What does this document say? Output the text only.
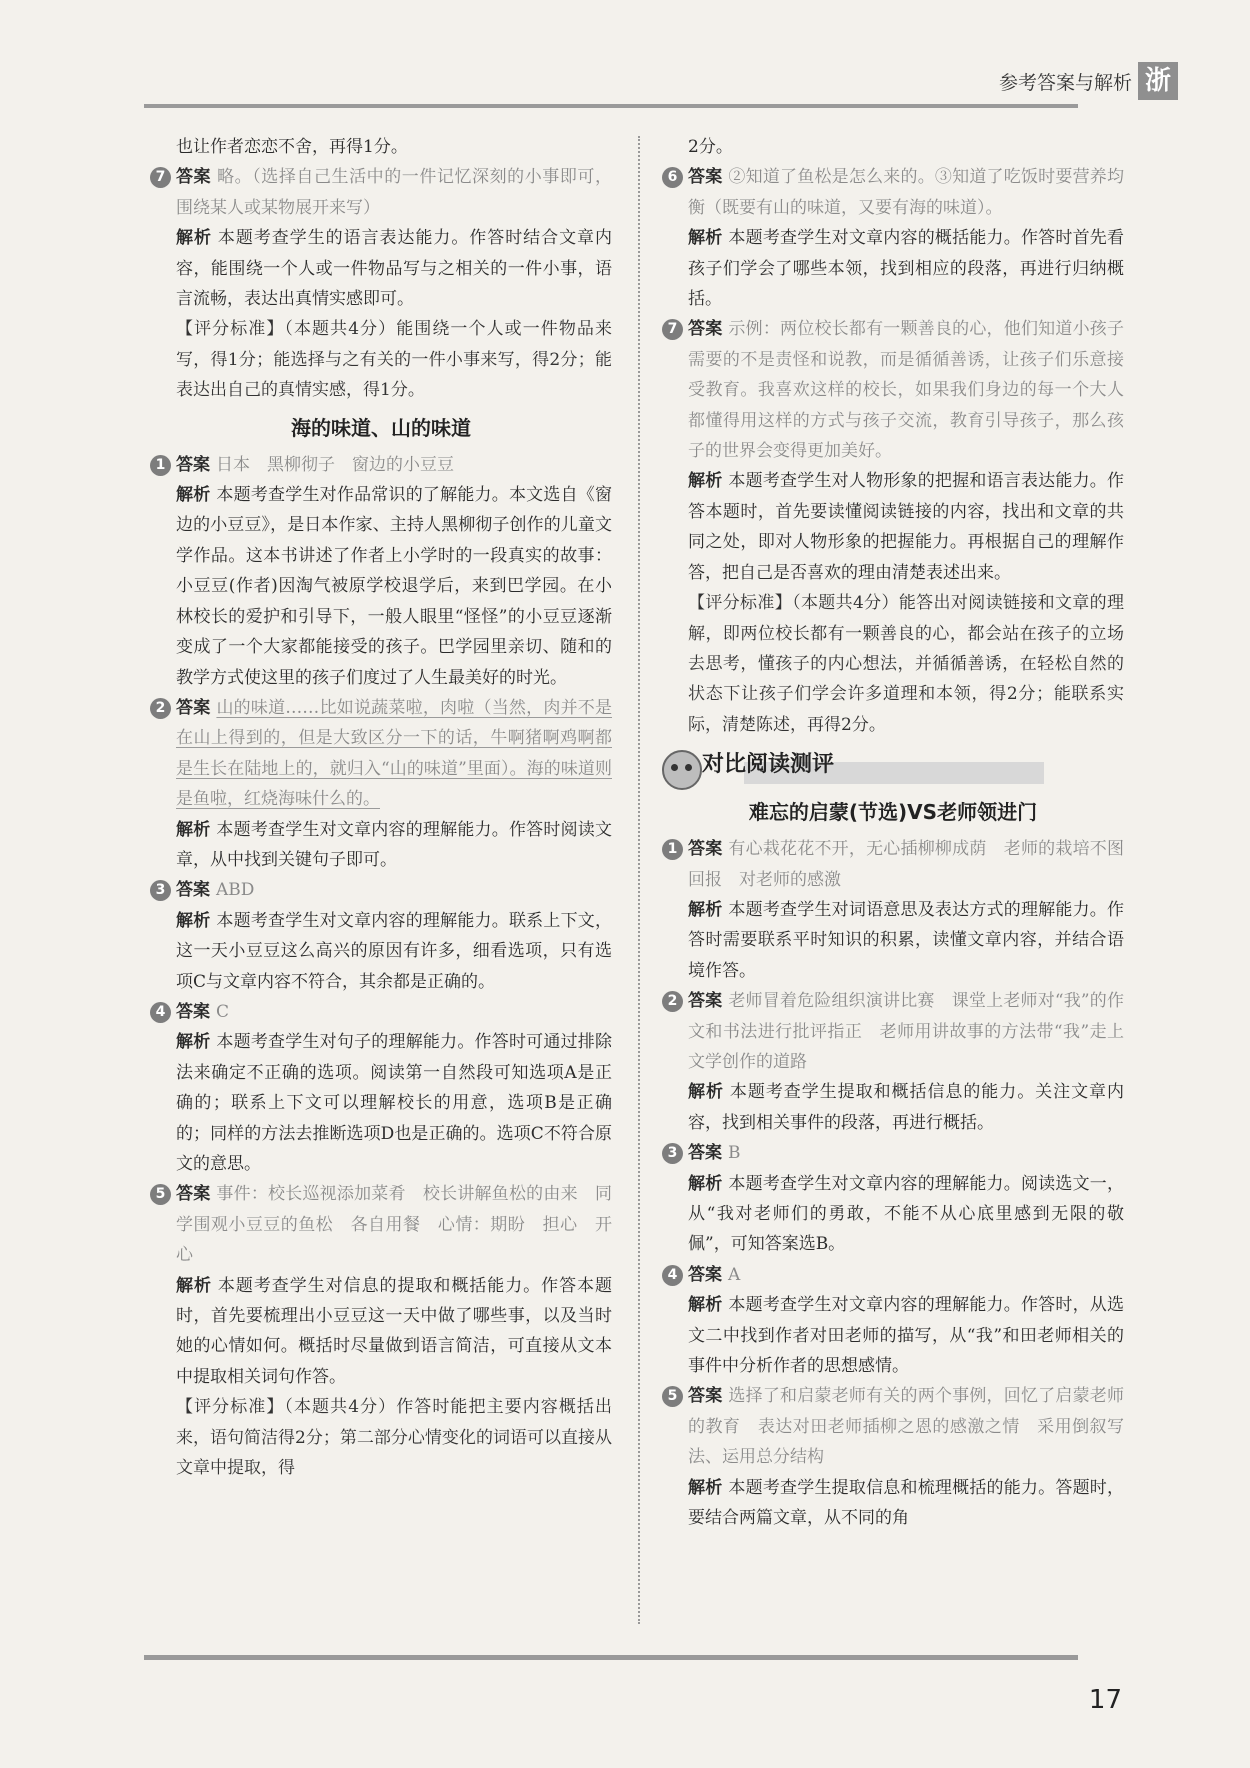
参考答案与解析 浙

也让作者恋恋不舍，再得1分。

7 答案 略。（选择自己生活中的一件记忆深刻的小事即可，围绕某人或某物展开来写）

解析 本题考查学生的语言表达能力。作答时结合文章内容，能围绕一个人或一件物品写与之相关的一件小事，语言流畅，表达出真情实感即可。

【评分标准】（本题共4分）能围绕一个人或一件物品来写，得1分；能选择与之有关的一件小事来写，得2分；能表达出自己的真情实感，得1分。

海的味道、山的味道
1 答案 日本　黑柳彻子　窗边的小豆豆

解析 本题考查学生对作品常识的了解能力。本文选自《窗边的小豆豆》，是日本作家、主持人黑柳彻子创作的儿童文学作品。这本书讲述了作者上小学时的一段真实的故事：小豆豆(作者)因淘气被原学校退学后，来到巴学园。在小林校长的爱护和引导下，一般人眼里“怪怪”的小豆豆逐渐变成了一个大家都能接受的孩子。巴学园里亲切、随和的教学方式使这里的孩子们度过了人生最美好的时光。

2 答案 山的味道……比如说蔬菜啦，肉啦（当然，肉并不是在山上得到的，但是大致区分一下的话，牛啊猪啊鸡啊都是生长在陆地上的，就归入“山的味道”里面）。海的味道则是鱼啦，红烧海味什么的。

解析 本题考查学生对文章内容的理解能力。作答时阅读文章，从中找到关键句子即可。

3 答案 ABD

解析 本题考查学生对文章内容的理解能力。联系上下文，这一天小豆豆这么高兴的原因有许多，细看选项，只有选项C与文章内容不符合，其余都是正确的。

4 答案 C

解析 本题考查学生对句子的理解能力。作答时可通过排除法来确定不正确的选项。阅读第一自然段可知选项A是正确的；联系上下文可以理解校长的用意，选项B是正确的；同样的方法去推断选项D也是正确的。选项C不符合原文的意思。

5 答案 事件：校长巡视添加菜肴　校长讲解鱼松的由来　同学围观小豆豆的鱼松　各自用餐　心情：期盼　担心　开心

解析 本题考查学生对信息的提取和概括能力。作答本题时，首先要梳理出小豆豆这一天中做了哪些事，以及当时她的心情如何。概括时尽量做到语言简洁，可直接从文本中提取相关词句作答。

【评分标准】（本题共4分）作答时能把主要内容概括出来，语句简洁得2分；第二部分心情变化的词语可以直接从文章中提取，得

2分。

6 答案 ②知道了鱼松是怎么来的。③知道了吃饭时要营养均衡（既要有山的味道，又要有海的味道）。

解析 本题考查学生对文章内容的概括能力。作答时首先看孩子们学会了哪些本领，找到相应的段落，再进行归纳概括。

7 答案 示例：两位校长都有一颗善良的心，他们知道小孩子需要的不是责怪和说教，而是循循善诱，让孩子们乐意接受教育。我喜欢这样的校长，如果我们身边的每一个大人都懂得用这样的方式与孩子交流，教育引导孩子，那么孩子的世界会变得更加美好。

解析 本题考查学生对人物形象的把握和语言表达能力。作答本题时，首先要读懂阅读链接的内容，找出和文章的共同之处，即对人物形象的把握能力。再根据自己的理解作答，把自己是否喜欢的理由清楚表述出来。

【评分标准】（本题共4分）能答出对阅读链接和文章的理解，即两位校长都有一颗善良的心，都会站在孩子的立场去思考，懂孩子的内心想法，并循循善诱，在轻松自然的状态下让孩子们学会许多道理和本领，得2分；能联系实际，清楚陈述，再得2分。

对比阅读测评
难忘的启蒙(节选)VS老师领进门
1 答案 有心栽花花不开，无心插柳柳成荫　老师的栽培不图回报　对老师的感激

解析 本题考查学生对词语意思及表达方式的理解能力。作答时需要联系平时知识的积累，读懂文章内容，并结合语境作答。

2 答案 老师冒着危险组织演讲比赛　课堂上老师对“我”的作文和书法进行批评指正　老师用讲故事的方法带“我”走上文学创作的道路

解析 本题考查学生提取和概括信息的能力。关注文章内容，找到相关事件的段落，再进行概括。

3 答案 B

解析 本题考查学生对文章内容的理解能力。阅读选文一，从“我对老师们的勇敢，不能不从心底里感到无限的敬佩”，可知答案选B。

4 答案 A

解析 本题考查学生对文章内容的理解能力。作答时，从选文二中找到作者对田老师的描写，从“我”和田老师相关的事件中分析作者的思想感情。

5 答案 选择了和启蒙老师有关的两个事例，回忆了启蒙老师的教育　表达对田老师插柳之恩的感激之情　采用倒叙写法、运用总分结构

解析 本题考查学生提取信息和梳理概括的能力。答题时，要结合两篇文章，从不同的角

17
